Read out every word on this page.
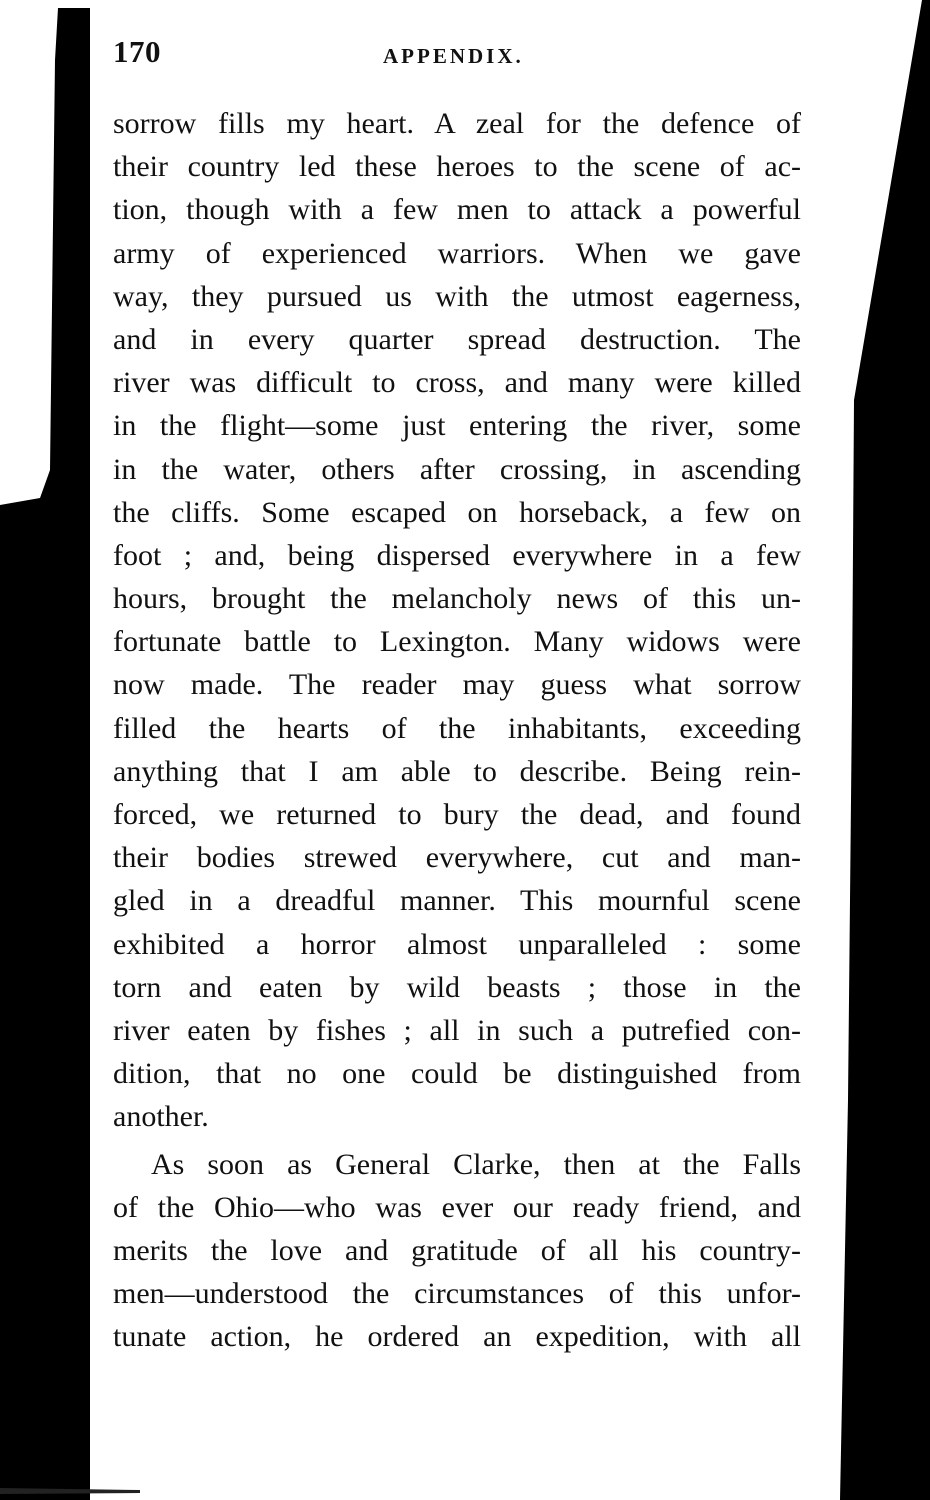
170	APPENDIX.
sorrow fills my heart. A zeal for the defence of
their country led these heroes to the scene of ac-
tion, though with a few men to attack a powerful
army of experienced warriors. When we gave
way, they pursued us with the utmost eagerness,
and in every quarter spread destruction. The
river was difficult to cross, and many were killed
in the flight—some just entering the river, some
in the water, others after crossing, in ascending
the cliffs. Some escaped on horseback, a few on
foot ; and, being dispersed everywhere in a few
hours, brought the melancholy news of this un-
fortunate battle to Lexington. Many widows were
now made. The reader may guess what sorrow
filled the hearts of the inhabitants, exceeding
anything that I am able to describe. Being rein-
forced, we returned to bury the dead, and found
their bodies strewed everywhere, cut and man-
gled in a dreadful manner. This mournful scene
exhibited a horror almost unparalleled : some
torn and eaten by wild beasts ; those in the
river eaten by fishes ; all in such a putrefied con-
dition, that no one could be distinguished from
another.
As soon as General Clarke, then at the Falls
of the Ohio—who was ever our ready friend, and
merits the love and gratitude of all his country-
men—understood the circumstances of this unfor-
tunate action, he ordered an expedition, with all
